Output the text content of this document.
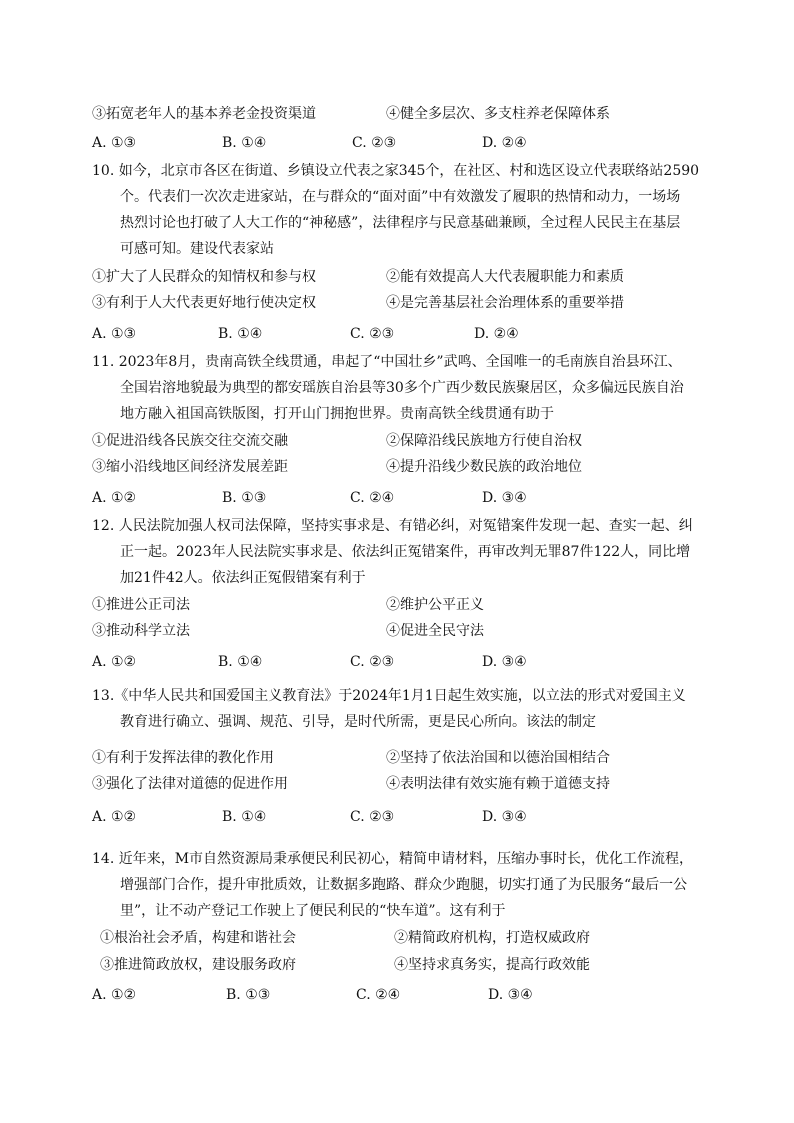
③拓宽老年人的基本养老金投资渠道	④健全多层次、多支柱养老保障体系
A. ①③	B. ①④	C. ②③	D. ②④
10. 如今，北京市各区在街道、乡镇设立代表之家345个，在社区、村和选区设立代表联络站2590
个。代表们一次次走进家站，在与群众的“面对面”中有效激发了履职的热情和动力，一场场
热烈讨论也打破了人大工作的“神秘感”，法律程序与民意基础兼顾，全过程人民民主在基层
可感可知。建设代表家站
①扩大了人民群众的知情权和参与权	②能有效提高人大代表履职能力和素质
③有利于人大代表更好地行使决定权	④是完善基层社会治理体系的重要举措
A. ①③	B. ①④	C. ②③	D. ②④
11. 2023年8月，贵南高铁全线贯通，串起了“中国壮乡”武鸣、全国唯一的毛南族自治县环江、
全国岩溶地貌最为典型的都安瑶族自治县等30多个广西少数民族聚居区，众多偏远民族自治
地方融入祖国高铁版图，打开山门拥抱世界。贵南高铁全线贯通有助于
①促进沿线各民族交往交流交融	②保障沿线民族地方行使自治权
③缩小沿线地区间经济发展差距	④提升沿线少数民族的政治地位
A. ①②	B. ①③	C. ②④	D. ③④
12. 人民法院加强人权司法保障，坚持实事求是、有错必纠，对冤错案件发现一起、查实一起、纠
正一起。2023年人民法院实事求是、依法纠正冤错案件，再审改判无罪87件122人，同比增
加21件42人。依法纠正冤假错案有利于
①推进公正司法	②维护公平正义
③推动科学立法	④促进全民守法
A. ①②	B. ①④	C. ②③	D. ③④
13.《中华人民共和国爱国主义教育法》于2024年1月1日起生效实施，以立法的形式对爱国主义
教育进行确立、强调、规范、引导，是时代所需，更是民心所向。该法的制定
①有利于发挥法律的教化作用	②坚持了依法治国和以德治国相结合
③强化了法律对道德的促进作用	④表明法律有效实施有赖于道德支持
A. ①②	B. ①④	C. ②③	D. ③④
14. 近年来，M市自然资源局秉承便民利民初心，精简申请材料，压缩办事时长，优化工作流程，
增强部门合作，提升审批质效，让数据多跑路、群众少跑腿，切实打通了为民服务“最后一公
里”，让不动产登记工作驶上了便民利民的“快车道”。这有利于
①根治社会矛盾，构建和谐社会	②精简政府机构，打造权威政府
③推进简政放权，建设服务政府	④坚持求真务实，提高行政效能
A. ①②	B. ①③	C. ②④	D. ③④
